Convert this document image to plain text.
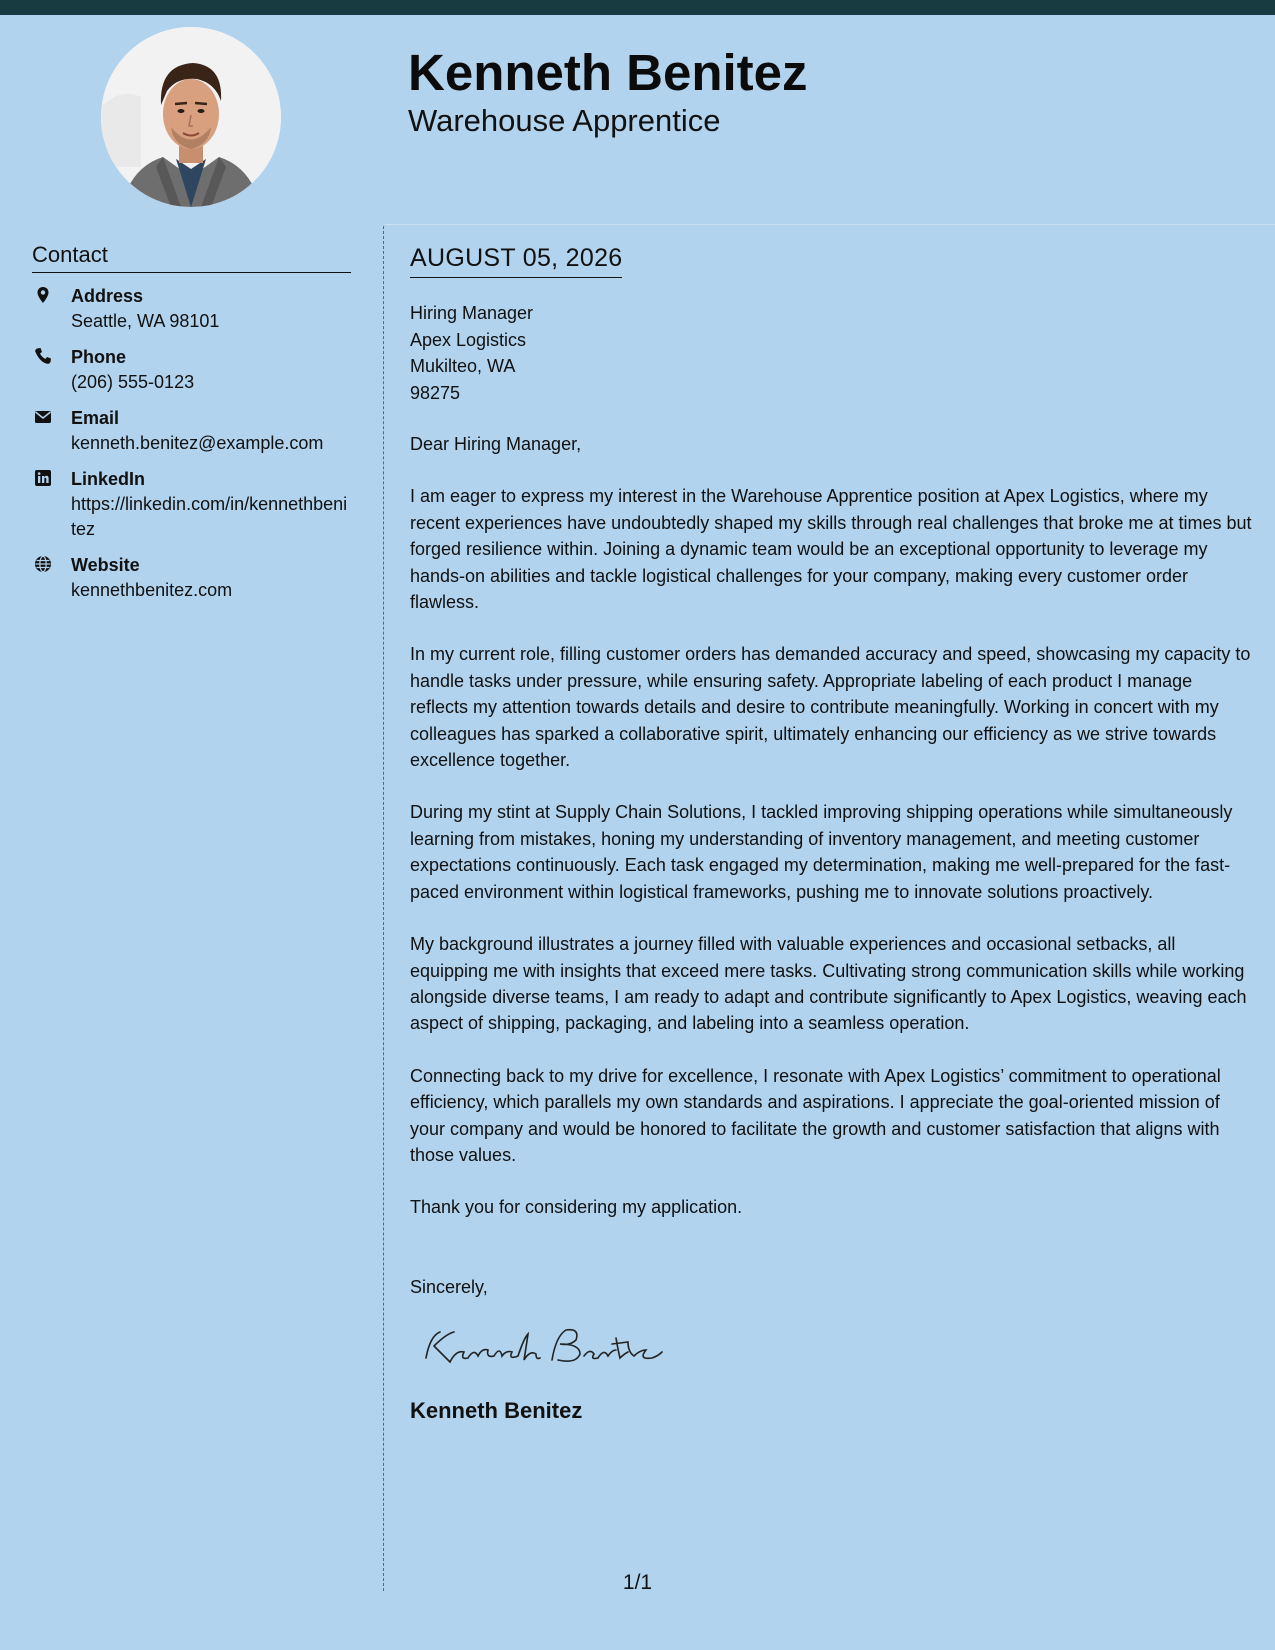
Kenneth Benitez
Warehouse Apprentice
Contact
Address
Seattle, WA 98101
Phone
(206) 555-0123
Email
kenneth.benitez@example.com
LinkedIn
https://linkedin.com/in/kennethbenitez
Website
kennethbenitez.com
AUGUST 05, 2026
Hiring Manager
Apex Logistics
Mukilteo, WA
98275

Dear Hiring Manager,

I am eager to express my interest in the Warehouse Apprentice position at Apex Logistics, where my recent experiences have undoubtedly shaped my skills through real challenges that broke me at times but forged resilience within. Joining a dynamic team would be an exceptional opportunity to leverage my hands-on abilities and tackle logistical challenges for your company, making every customer order flawless.

In my current role, filling customer orders has demanded accuracy and speed, showcasing my capacity to handle tasks under pressure, while ensuring safety. Appropriate labeling of each product I manage reflects my attention towards details and desire to contribute meaningfully. Working in concert with my colleagues has sparked a collaborative spirit, ultimately enhancing our efficiency as we strive towards excellence together.

During my stint at Supply Chain Solutions, I tackled improving shipping operations while simultaneously learning from mistakes, honing my understanding of inventory management, and meeting customer expectations continuously. Each task engaged my determination, making me well-prepared for the fast-paced environment within logistical frameworks, pushing me to innovate solutions proactively.

My background illustrates a journey filled with valuable experiences and occasional setbacks, all equipping me with insights that exceed mere tasks. Cultivating strong communication skills while working alongside diverse teams, I am ready to adapt and contribute significantly to Apex Logistics, weaving each aspect of shipping, packaging, and labeling into a seamless operation.

Connecting back to my drive for excellence, I resonate with Apex Logistics’ commitment to operational efficiency, which parallels my own standards and aspirations. I appreciate the goal-oriented mission of your company and would be honored to facilitate the growth and customer satisfaction that aligns with those values.

Thank you for considering my application.

Sincerely,

Kenneth Benitez
1/1
